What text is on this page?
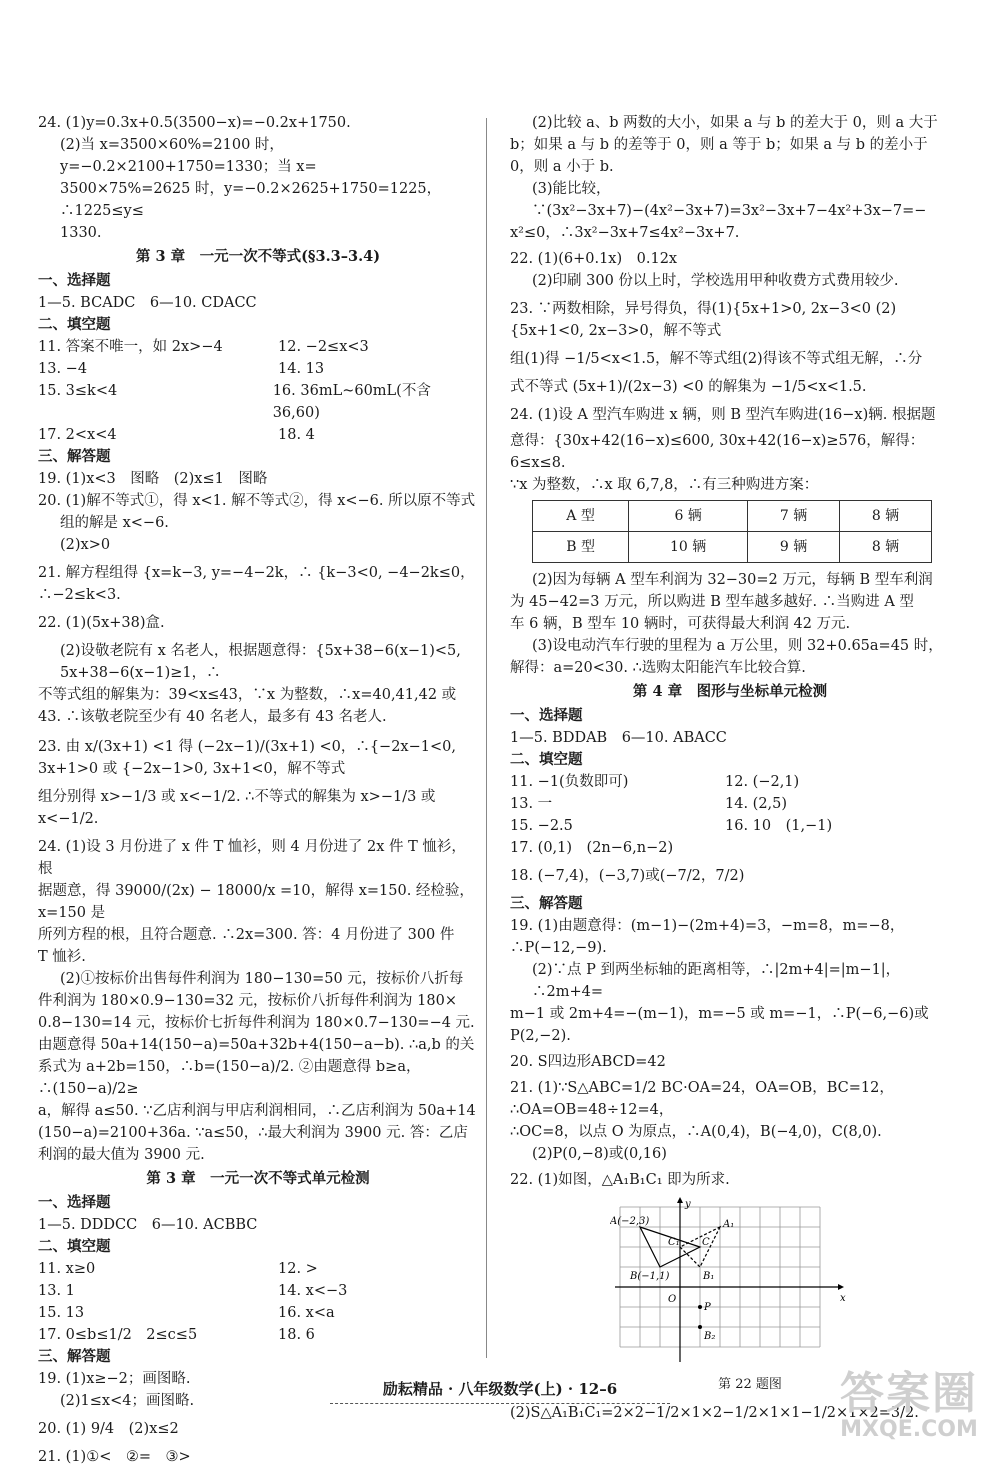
24. (1)y=0.3x+0.5(3500−x)=−0.2x+1750.

(2)当 x=3500×60%=2100 时，y=−0.2×2100+1750=1330；当 x=

3500×75%=2625 时，y=−0.2×2625+1750=1225，∴1225≤y≤

1330.

第 3 章　一元一次不等式(§3.3–3.4)

一、选择题

1—5. BCADC　6—10. CDACC

二、填空题

11. 答案不唯一，如 2x>−4	12. −2≤x<3
13. −4	14. 13
15. 3≤k<4	16. 36mL~60mL(不含 36,60)
17. 2<x<4	18. 4

三、解答题

19. (1)x<3　图略　(2)x≤1　图略

20. (1)解不等式①，得 x<1. 解不等式②，得 x<−6. 所以原不等式

组的解是 x<−6.

(2)x>0

21. 解方程组得 {x=k−3, y=−4−2k，∴ {k−3<0, −4−2k≤0，∴−2≤k<3.

22. (1)(5x+38)盒.

(2)设敬老院有 x 名老人，根据题意得：{5x+38−6(x−1)<5, 5x+38−6(x−1)≥1，∴

不等式组的解集为：39<x≤43，∵x 为整数，∴x=40,41,42 或

43. ∴该敬老院至少有 40 名老人，最多有 43 名老人.

23. 由 x/(3x+1) <1 得 (−2x−1)/(3x+1) <0，∴{−2x−1<0, 3x+1>0 或 {−2x−1>0, 3x+1<0，解不等式

组分别得 x>−1/3 或 x<−1/2. ∴不等式的解集为 x>−1/3 或 x<−1/2.

24. (1)设 3 月份进了 x 件 T 恤衫，则 4 月份进了 2x 件 T 恤衫，根

据题意，得 39000/(2x) − 18000/x =10，解得 x=150. 经检验，x=150 是

所列方程的根，且符合题意. ∴2x=300. 答：4 月份进了 300 件

T 恤衫.

(2)①按标价出售每件利润为 180−130=50 元，按标价八折每

件利润为 180×0.9−130=32 元，按标价八折每件利润为 180×

0.8−130=14 元，按标价七折每件利润为 180×0.7−130=−4 元.

由题意得 50a+14(150−a)=50a+32b+4(150−a−b). ∴a,b 的关

系式为 a+2b=150，∴b=(150−a)/2. ②由题意得 b≥a，∴(150−a)/2≥

a，解得 a≤50. ∵乙店利润与甲店利润相同，∴乙店利润为 50a+14

(150−a)=2100+36a. ∵a≤50，∴最大利润为 3900 元. 答：乙店

利润的最大值为 3900 元.

第 3 章　一元一次不等式单元检测

一、选择题

1—5. DDDCC　6—10. ACBBC

二、填空题

11. x≥0	12. >
13. 1	14. x<−3
15. 13	16. x<a
17. 0≤b≤1/2　2≤c≤5	18. 6

三、解答题

19. (1)x≥−2；画图略.

(2)1≤x<4；画图略.

20. (1) 9/4　(2)x≤2

21. (1)①<　②=　③>

(2)比较 a、b 两数的大小，如果 a 与 b 的差大于 0，则 a 大于

b；如果 a 与 b 的差等于 0，则 a 等于 b；如果 a 与 b 的差小于

0，则 a 小于 b.

(3)能比较，∵(3x²−3x+7)−(4x²−3x+7)=3x²−3x+7−4x²+3x−7=−

x²≤0，∴3x²−3x+7≤4x²−3x+7.

22. (1)(6+0.1x)　0.12x

(2)印刷 300 份以上时，学校选用甲种收费方式费用较少.

23. ∵两数相除，异号得负，得(1){5x+1>0, 2x−3<0 (2){5x+1<0, 2x−3>0，解不等式

组(1)得 −1/5<x<1.5，解不等式组(2)得该不等式组无解，∴分

式不等式 (5x+1)/(2x−3) <0 的解集为 −1/5<x<1.5.

24. (1)设 A 型汽车购进 x 辆，则 B 型汽车购进(16−x)辆. 根据题

意得：{30x+42(16−x)≤600, 30x+42(16−x)≥576，解得：6≤x≤8.

∵x 为整数，∴x 取 6,7,8，∴有三种购进方案：

A 型	6 辆	7 辆	8 辆
B 型	10 辆	9 辆	8 辆

(2)因为每辆 A 型车利润为 32−30=2 万元，每辆 B 型车利润

为 45−42=3 万元，所以购进 B 型车越多越好. ∴当购进 A 型

车 6 辆，B 型车 10 辆时，可获得最大利润 42 万元.

(3)设电动汽车行驶的里程为 a 万公里，则 32+0.65a=45 时，

解得：a=20<30. ∴选购太阳能汽车比较合算.

第 4 章　图形与坐标单元检测

一、选择题

1—5. BDDAB　6—10. ABACC

二、填空题

11. −1(负数即可)	12. (−2,1)
13. 一	14. (2,5)
15. −2.5	16. 10　(1,−1)

17. (0,1)　(2n−6,n−2)

18. (−7,4)，(−3,7)或(−7/2，7/2)

三、解答题

19. (1)由题意得：(m−1)−(2m+4)=3，−m=8，m=−8，∴P(−12,−9).

(2)∵点 P 到两坐标轴的距离相等，∴|2m+4|=|m−1|，∴2m+4=

m−1 或 2m+4=−(m−1)，m=−5 或 m=−1，∴P(−6,−6)或 P(2,−2).

20. S四边形ABCD=42

21. (1)∵S△ABC=1/2 BC·OA=24，OA=OB，BC=12，∴OA=OB=48÷12=4，

∴OC=8，以点 O 为原点，∴A(0,4)，B(−4,0)，C(8,0).

(2)P(0,−8)或(0,16)

22. (1)如图，△A₁B₁C₁ 即为所求.

x
y
A(−2,3)	A₁
C
C₁
B(−1,1)	B₁
O
P
B₂
第 22 题图

(2)S△A₁B₁C₁=2×2−1/2×1×2−1/2×1×1−1/2×1×2=3/2.

励耘精品 · 八年级数学(上) · 12–6	答案圈
MXQE.COM
